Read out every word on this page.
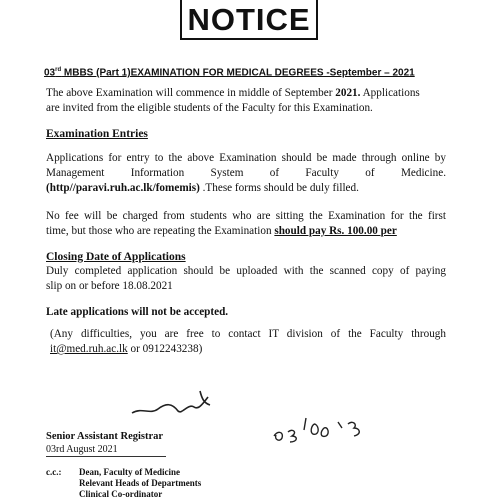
NOTICE
03rd MBBS (Part 1)EXAMINATION FOR MEDICAL DEGREES -September – 2021
The above Examination will commence in middle of September 2021. Applications
are invited from the eligible students of the Faculty for this Examination.
Examination Entries
Applications for entry to the above Examination should be made through online by
Management Information System of Faculty of Medicine.
(http//paravi.ruh.ac.lk/fomemis) .These forms should be duly filled.
No fee will be charged from students who are sitting the Examination for the first
time, but those who are repeating the Examination should pay Rs. 100.00 per
Closing Date of Applications
Duly completed application should be uploaded with the scanned copy of paying
slip on or before 18.08.2021
Late applications will not be accepted.
(Any difficulties, you are free to contact IT division of the Faculty through
it@med.ruh.ac.lk or 0912243238)
Senior Assistant Registrar
03rd August 2021
c.c.: Dean, Faculty of Medicine
Relevant Heads of Departments
Clinical Co-ordinator
